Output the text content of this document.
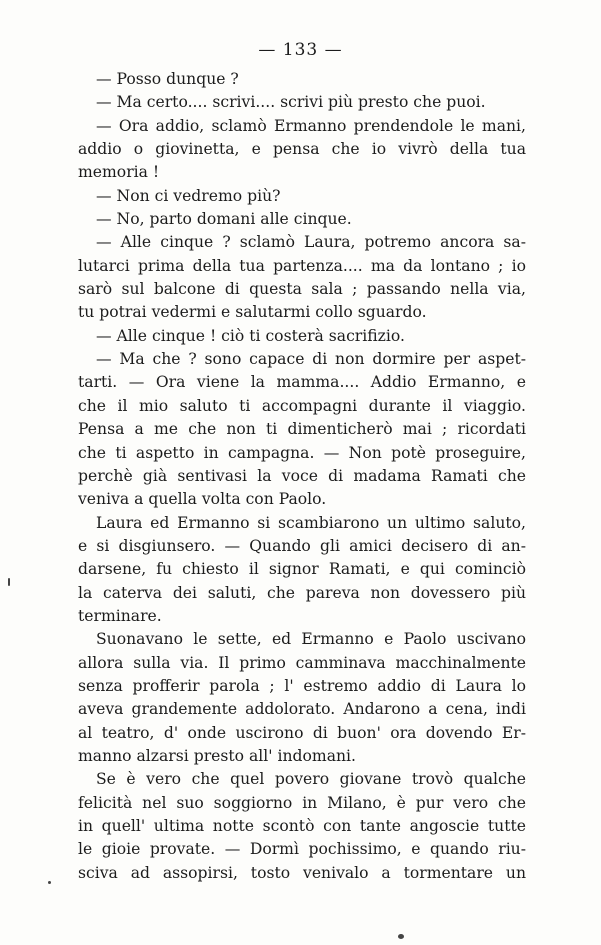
— 133 —

— Posso dunque ?
— Ma certo.... scrivi.... scrivi più presto che puoi.
— Ora addio, sclamò Ermanno prendendole le mani,
addio o giovinetta, e pensa che io vivrò della tua
memoria !
— Non ci vedremo più?
— No, parto domani alle cinque.
— Alle cinque ? sclamò Laura, potremo ancora sa-
lutarci prima della tua partenza.... ma da lontano ; io
sarò sul balcone di questa sala ; passando nella via,
tu potrai vedermi e salutarmi collo sguardo.
— Alle cinque ! ciò ti costerà sacrifizio.
— Ma che ? sono capace di non dormire per aspet-
tarti. — Ora viene la mamma.... Addio Ermanno, e
che il mio saluto ti accompagni durante il viaggio.
Pensa a me che non ti dimenticherò mai ; ricordati
che ti aspetto in campagna. — Non potè proseguire,
perchè già sentivasi la voce di madama Ramati che
veniva a quella volta con Paolo.
Laura ed Ermanno si scambiarono un ultimo saluto,
e si disgiunsero. — Quando gli amici decisero di an-
darsene, fu chiesto il signor Ramati, e qui cominciò
la caterva dei saluti, che pareva non dovessero più
terminare.
Suonavano le sette, ed Ermanno e Paolo uscivano
allora sulla via. Il primo camminava macchinalmente
senza profferir parola ; l' estremo addio di Laura lo
aveva grandemente addolorato. Andarono a cena, indi
al teatro, d' onde uscirono di buon' ora dovendo Er-
manno alzarsi presto all' indomani.
Se è vero che quel povero giovane trovò qualche
felicità nel suo soggiorno in Milano, è pur vero che
in quell' ultima notte scontò con tante angoscie tutte
le gioie provate. — Dormì pochissimo, e quando riu-
sciva ad assopirsi, tosto venivalo a tormentare un
